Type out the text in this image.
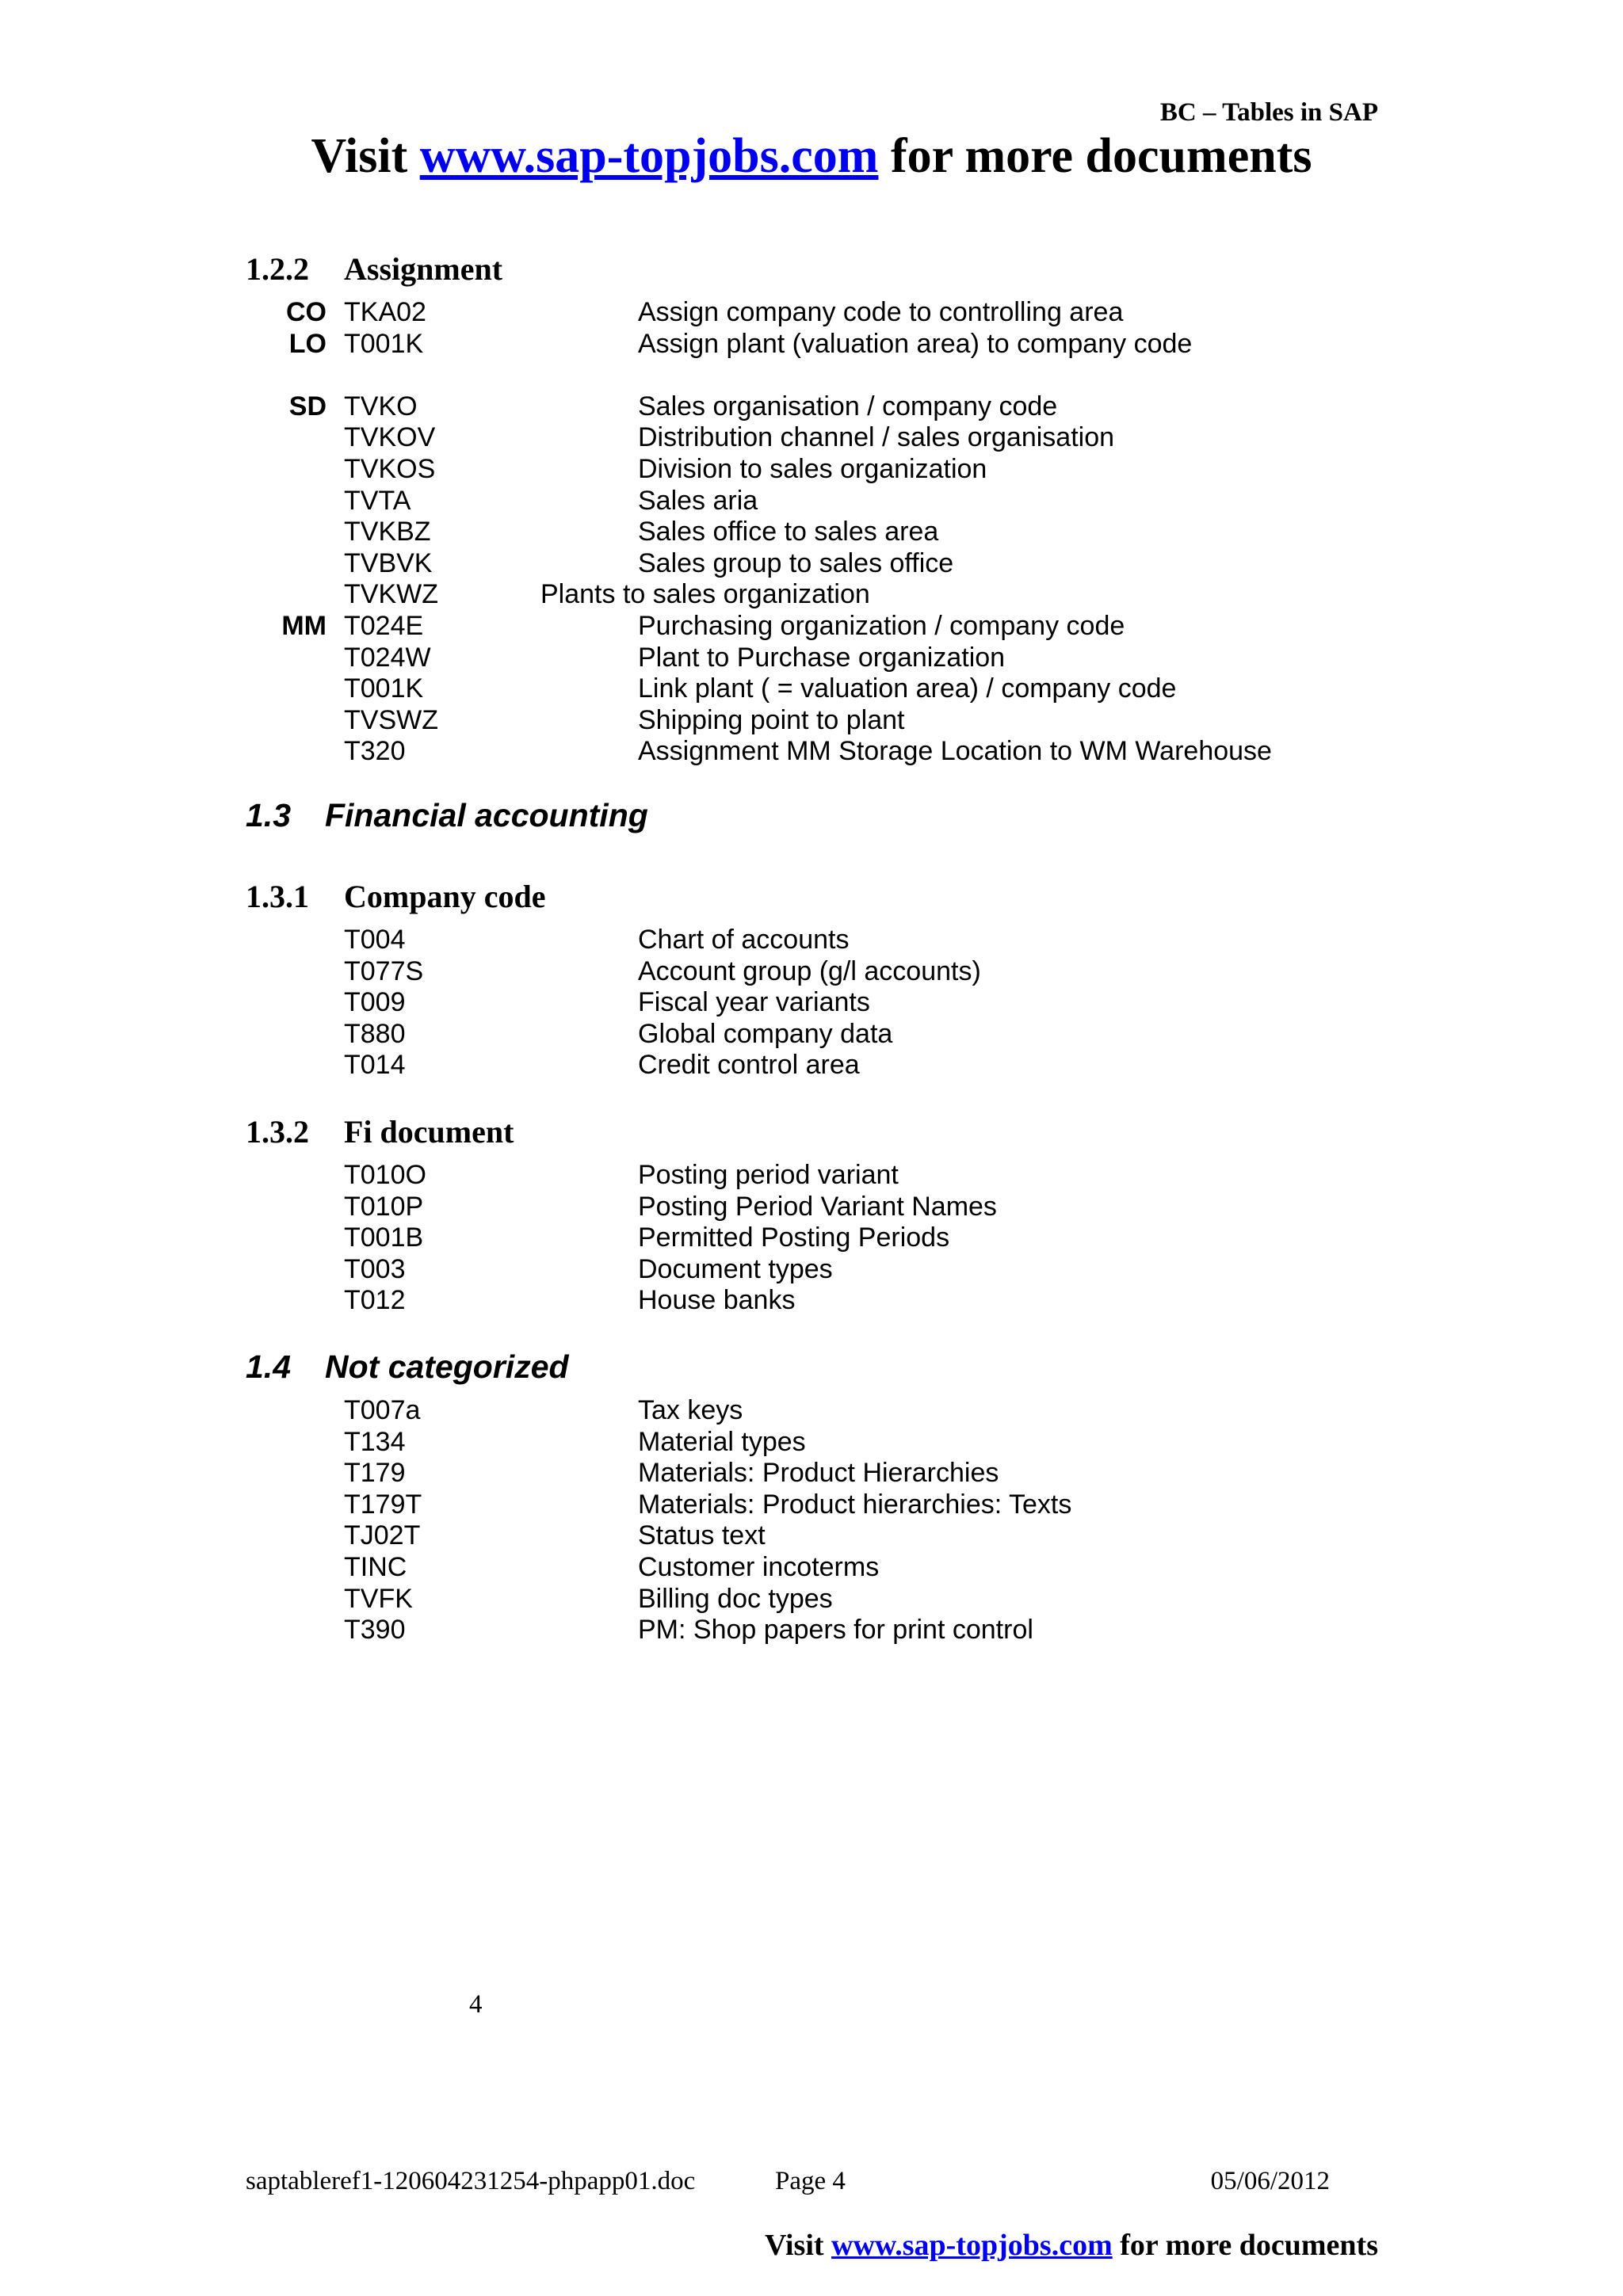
BC – Tables in SAP
Visit www.sap-topjobs.com for more documents
1.2.2 Assignment
CO TKA02	Assign company code to controlling area
LO T001K	Assign plant (valuation area) to company code
SD TVKO	Sales organisation / company code
TVKOV	Distribution channel / sales organisation
TVKOS	Division to sales organization
TVTA	Sales aria
TVKBZ	Sales office to sales area
TVBVK	Sales group to sales office
TVKWZ	Plants to sales organization
MM T024E	Purchasing organization / company code
T024W	Plant to Purchase organization
T001K	Link plant ( = valuation area) / company code
TVSWZ	Shipping point to plant
T320	Assignment MM Storage Location to WM Warehouse
1.3 Financial accounting
1.3.1 Company code
T004	Chart of accounts
T077S	Account group (g/l accounts)
T009	Fiscal year variants
T880	Global company data
T014	Credit control area
1.3.2 Fi document
T010O	Posting period variant
T010P	Posting Period Variant Names
T001B	Permitted Posting Periods
T003	Document types
T012	House banks
1.4 Not categorized
T007a	Tax keys
T134	Material types
T179	Materials: Product Hierarchies
T179T	Materials: Product hierarchies: Texts
TJ02T	Status text
TINC	Customer incoterms
TVFK	Billing doc types
T390	PM: Shop papers for print control
4
saptableref1-120604231254-phpapp01.doc	Page 4	05/06/2012
Visit www.sap-topjobs.com for more documents
